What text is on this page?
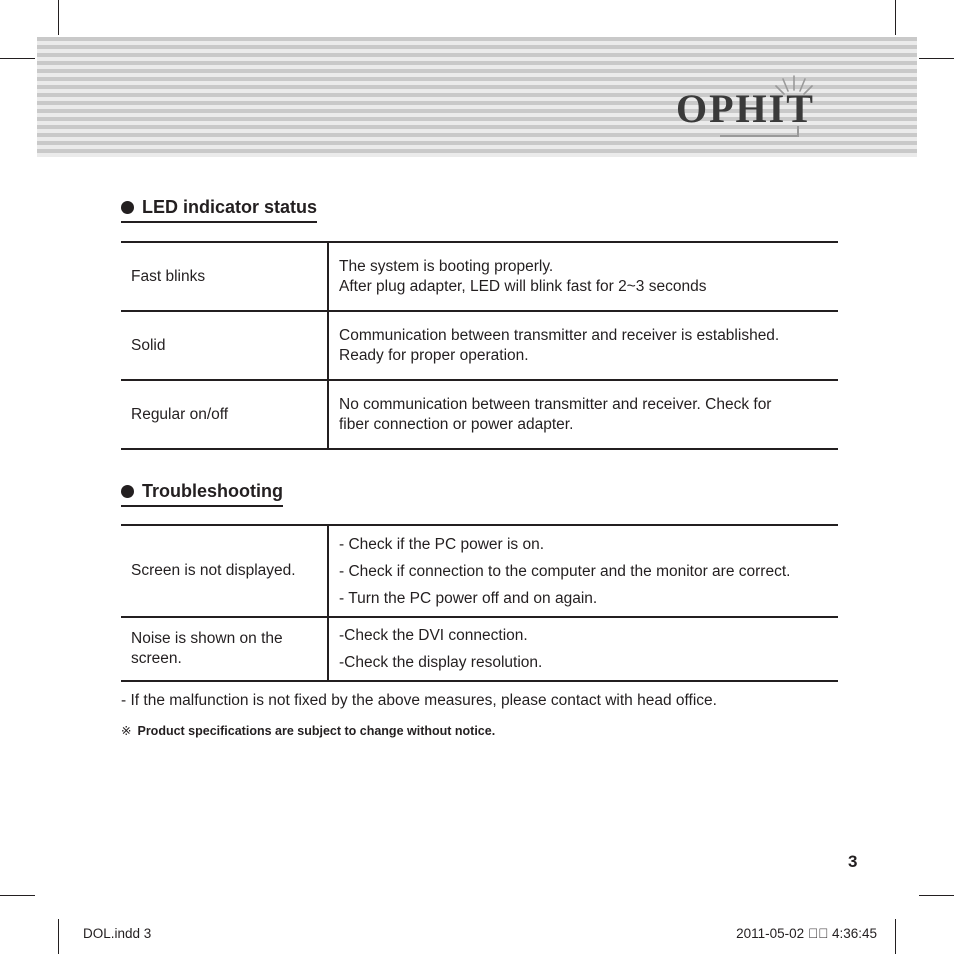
OPHIT
LED indicator status
Fast blinks	The system is booting properly.
After plug adapter, LED will blink fast for 2~3 seconds

Solid	Communication between transmitter and receiver is established.
Ready for proper operation.

Regular on/off	No communication between transmitter and receiver. Check for
fiber connection or power adapter.
Troubleshooting
Screen is not displayed.	- Check if the PC power is on.
- Check if connection to the computer and the monitor are correct.
- Turn the PC power off and on again.

Noise is shown on the
screen.	-Check the DVI connection.
-Check the display resolution.
- If the malfunction is not fixed by the above measures, please contact with head office.
※ Product specifications are subject to change without notice.
3
DOL.indd 3	2011-05-02 ￿￿ 4:36:45
